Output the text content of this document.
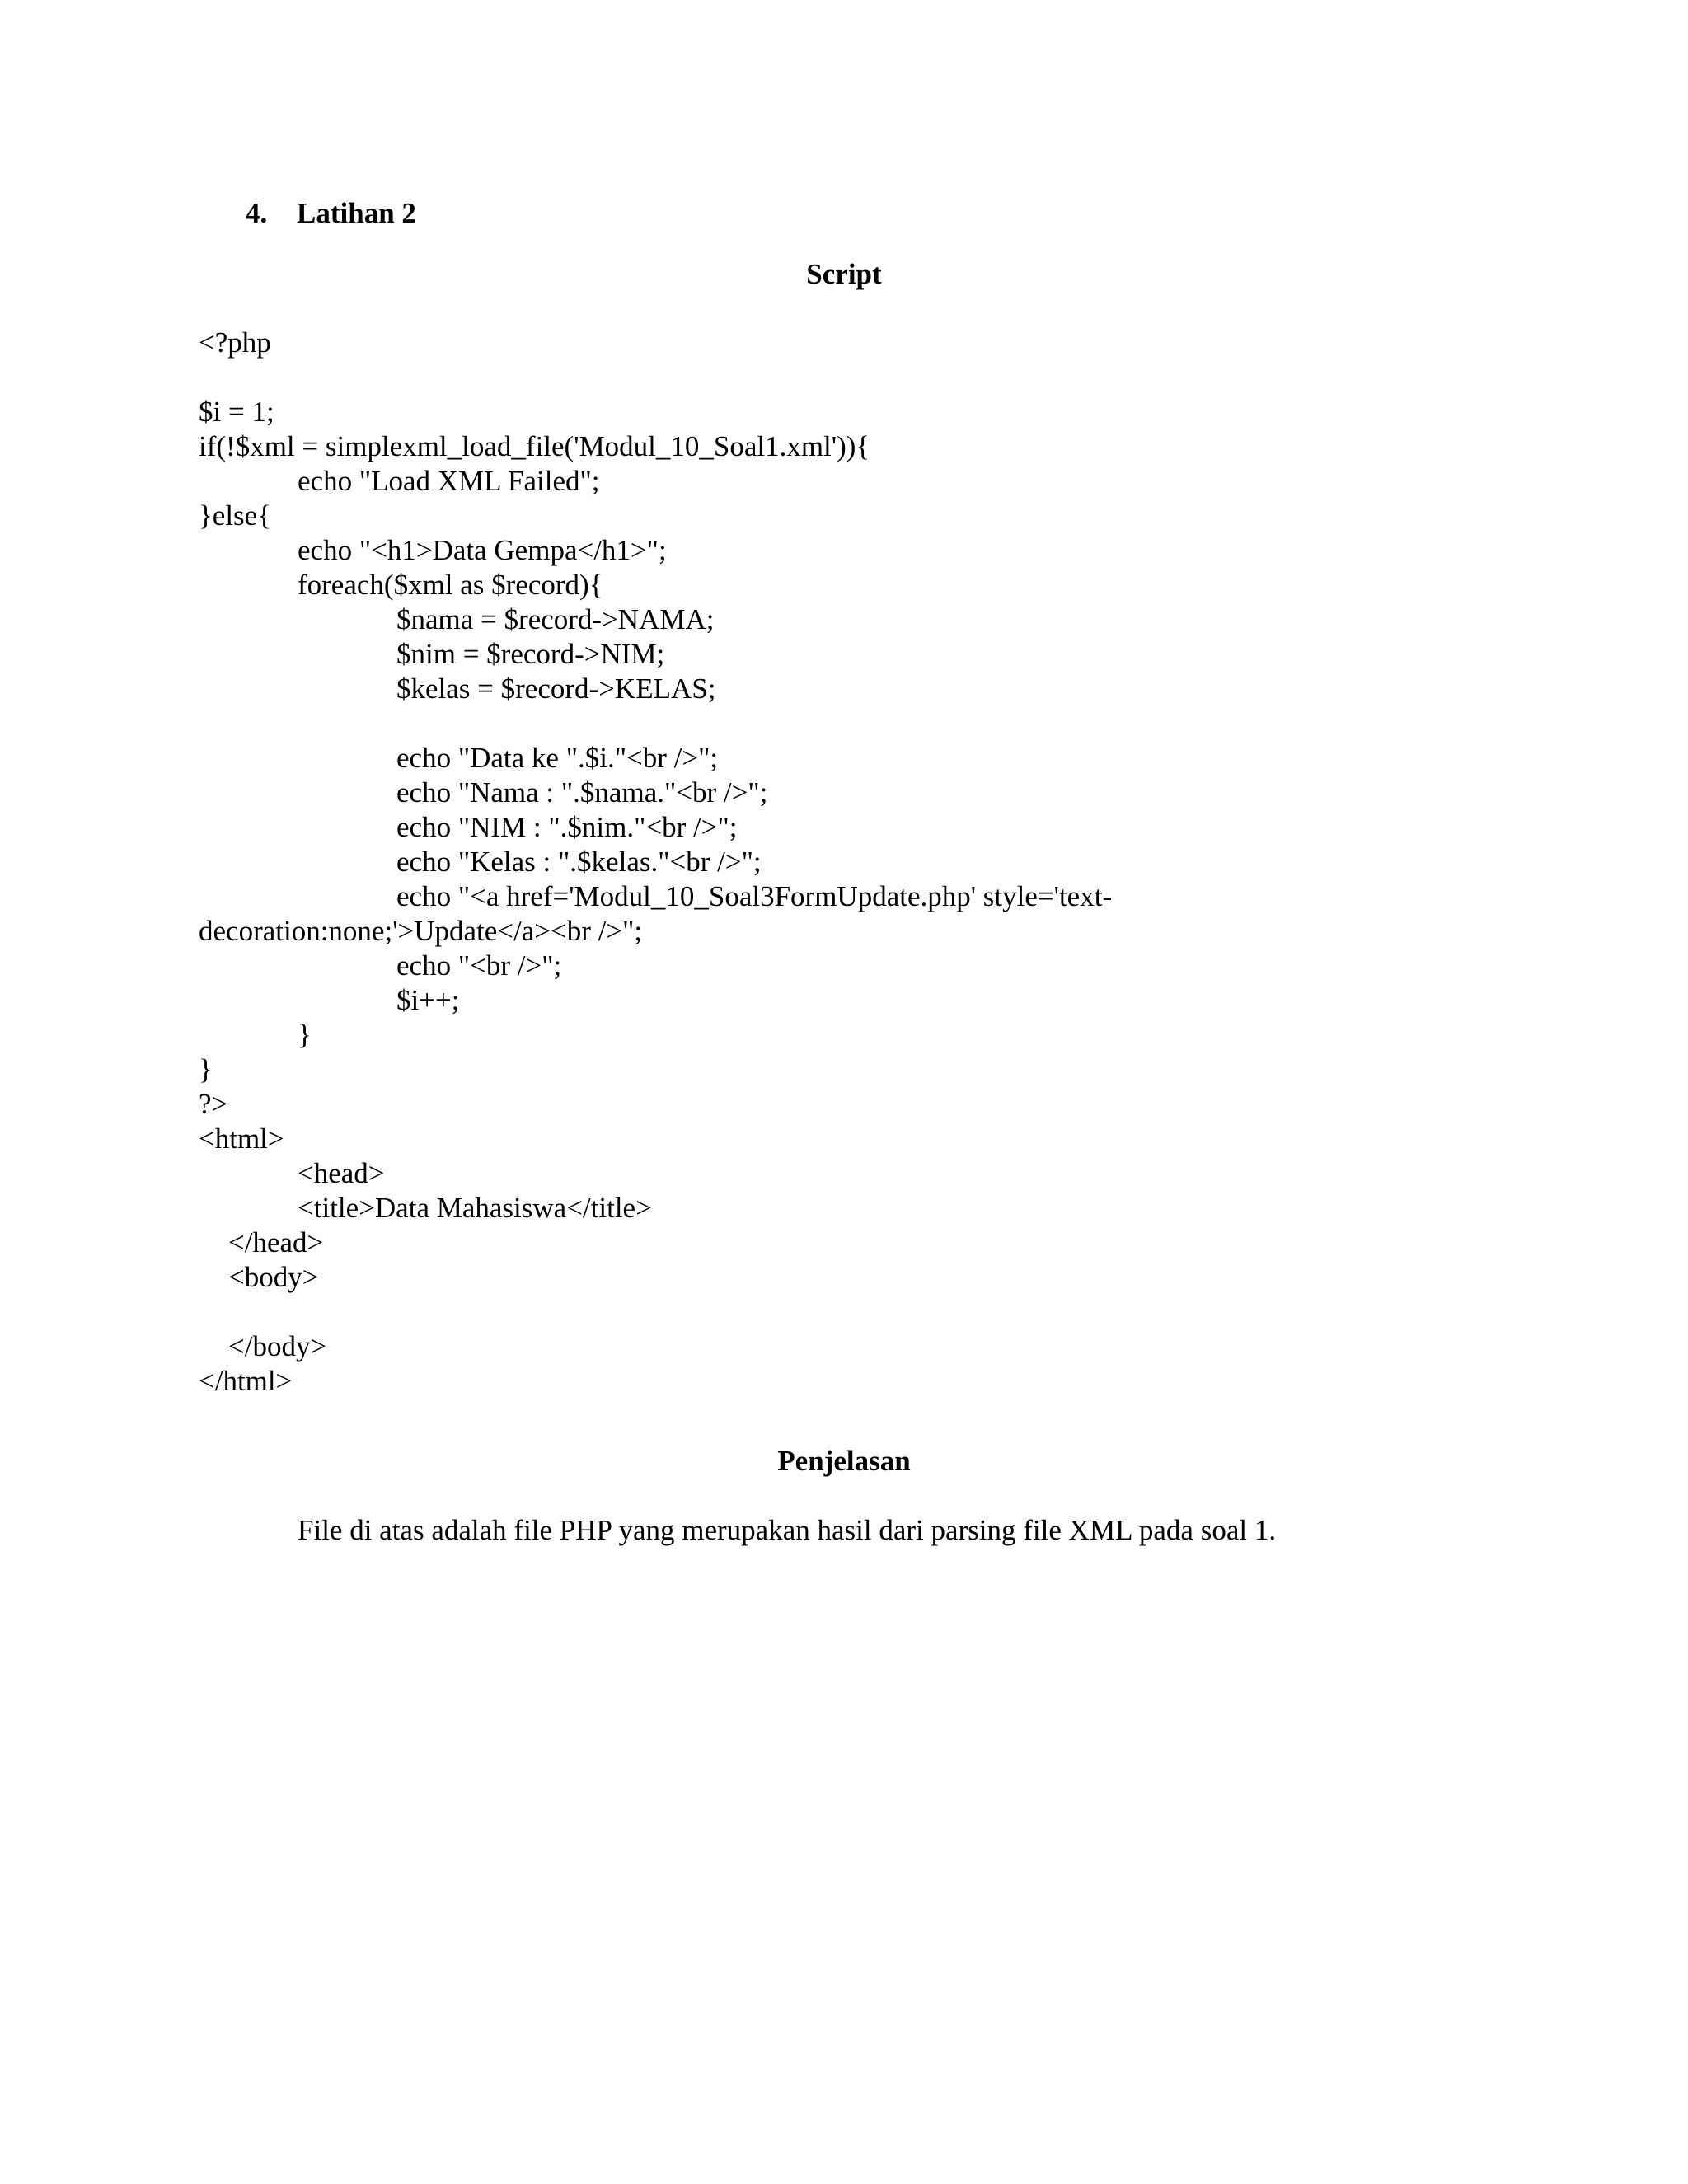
4. Latihan 2
Script
<?php
$i = 1;
if(!$xml = simplexml_load_file('Modul_10_Soal1.xml')){
echo "Load XML Failed";
}else{
echo "<h1>Data Gempa</h1>";
foreach($xml as $record){
$nama = $record->NAMA;
$nim = $record->NIM;
$kelas = $record->KELAS;
echo "Data ke ".$i."<br />";
echo "Nama : ".$nama."<br />";
echo "NIM : ".$nim."<br />";
echo "Kelas : ".$kelas."<br />";
echo "<a href='Modul_10_Soal3FormUpdate.php' style='text-
decoration:none;'>Update</a><br />";
echo "<br />";
$i++;
}
}
?>
<html>
<head>
<title>Data Mahasiswa</title>
</head>
<body>
</body>
</html>
Penjelasan
File di atas adalah file PHP yang merupakan hasil dari parsing file XML pada soal 1.
